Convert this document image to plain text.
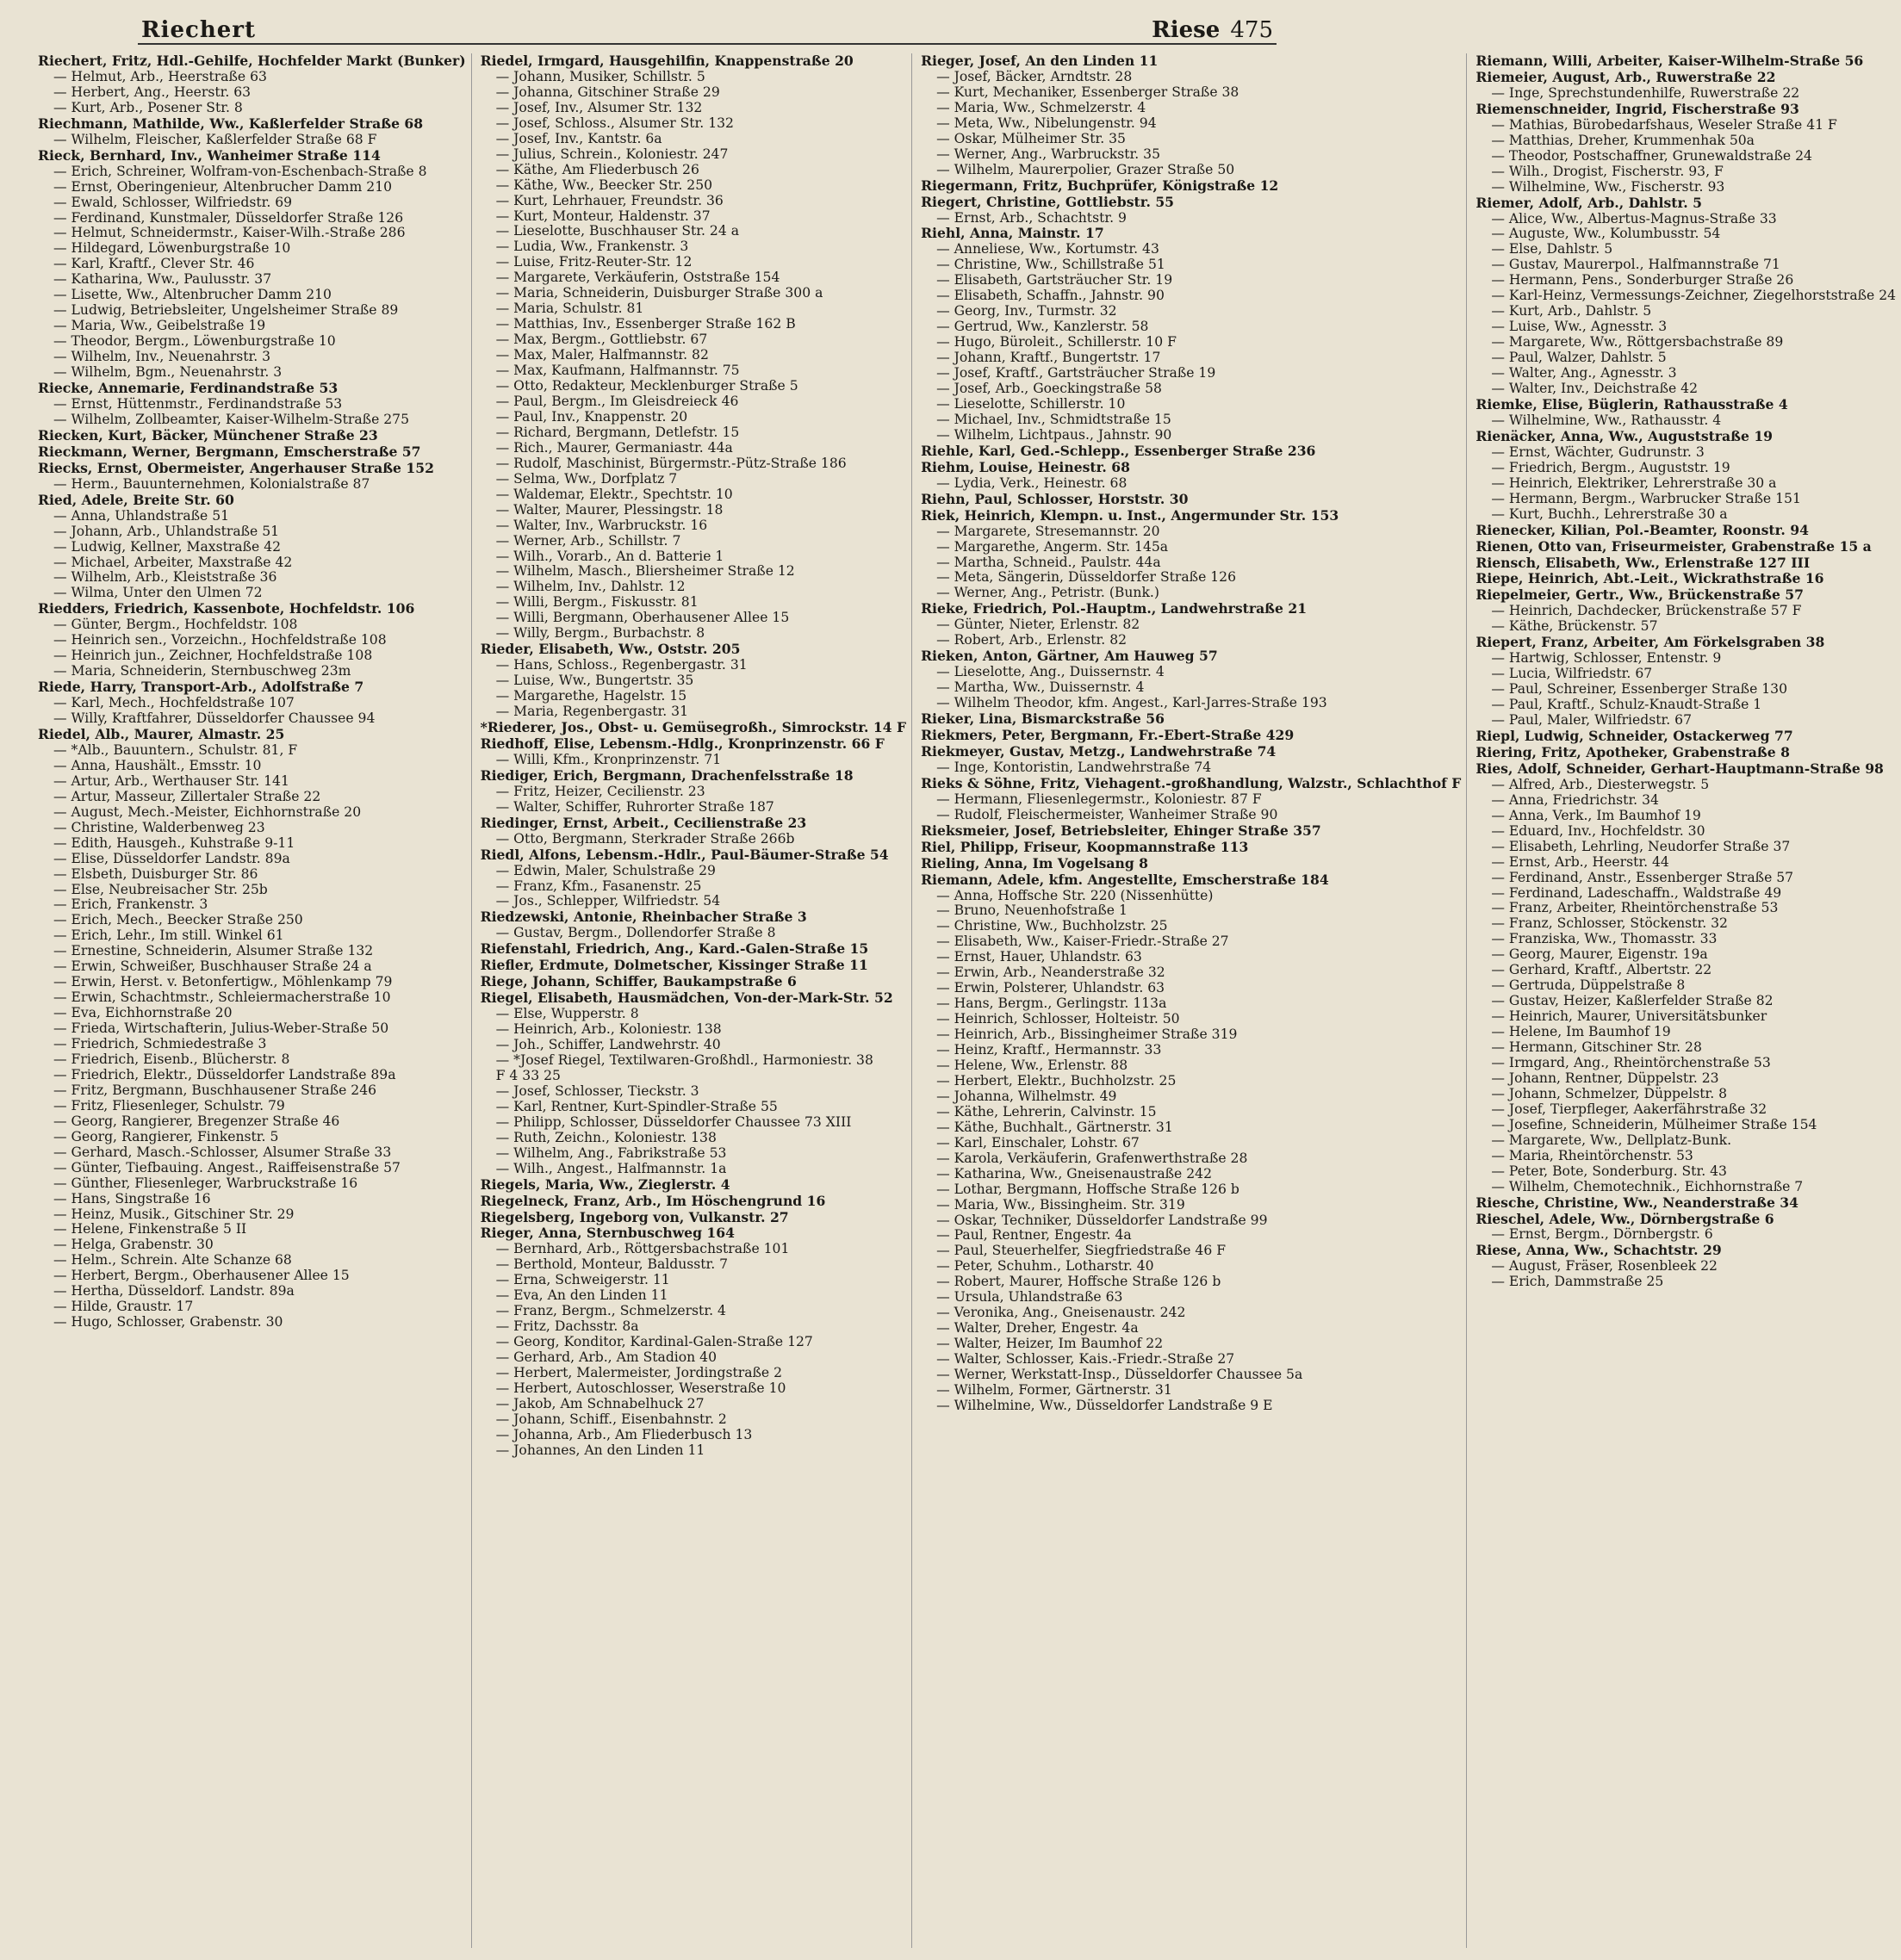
Riechert	Riese 475
Riechert, Fritz, Hdl.-Gehilfe, Hochfelder Markt (Bunker)
— Helmut, Arb., Heerstraße 63
— Herbert, Ang., Heerstr. 63
— Kurt, Arb., Posener Str. 8
Riechmann, Mathilde, Ww., Kaßlerfelder Straße 68
— Wilhelm, Fleischer, Kaßlerfelder Straße 68 F
Rieck, Bernhard, Inv., Wanheimer Straße 114
— Erich, Schreiner, Wolfram-von-Eschenbach-Straße 8
— Ernst, Oberingenieur, Altenbrucher Damm 210
— Ewald, Schlosser, Wilfriedstr. 69
— Ferdinand, Kunstmaler, Düsseldorfer Straße 126
— Helmut, Schneidermstr., Kaiser-Wilh.-Straße 286
— Hildegard, Löwenburgstraße 10
— Karl, Kraftf., Clever Str. 46
— Katharina, Ww., Paulusstr. 37
— Lisette, Ww., Altenbrucher Damm 210
— Ludwig, Betriebsleiter, Ungelsheimer Straße 89
— Maria, Ww., Geibelstraße 19
— Theodor, Bergm., Löwenburgstraße 10
— Wilhelm, Inv., Neuenahrstr. 3
— Wilhelm, Bgm., Neuenahrstr. 3
Riecke, Annemarie, Ferdinandstraße 53
— Ernst, Hüttenmstr., Ferdinandstraße 53
— Wilhelm, Zollbeamter, Kaiser-Wilhelm-Straße 275
Riecken, Kurt, Bäcker, Münchener Straße 23
Rieckmann, Werner, Bergmann, Emscherstraße 57
Riecks, Ernst, Obermeister, Angerhauser Straße 152
— Herm., Bauunternehmen, Kolonialstraße 87
Ried, Adele, Breite Str. 60
— Anna, Uhlandstraße 51
— Johann, Arb., Uhlandstraße 51
— Ludwig, Kellner, Maxstraße 42
— Michael, Arbeiter, Maxstraße 42
— Wilhelm, Arb., Kleiststraße 36
— Wilma, Unter den Ulmen 72
Riedders, Friedrich, Kassenbote, Hochfeldstr. 106
— Günter, Bergm., Hochfeldstr. 108
— Heinrich sen., Vorzeichn., Hochfeldstraße 108
— Heinrich jun., Zeichner, Hochfeldstraße 108
— Maria, Schneiderin, Sternbuschweg 23m
Riede, Harry, Transport-Arb., Adolfstraße 7
— Karl, Mech., Hochfeldstraße 107
— Willy, Kraftfahrer, Düsseldorfer Chaussee 94
Riedel, Alb., Maurer, Almastr. 25
— *Alb., Bauuntern., Schulstr. 81, F
— Anna, Haushält., Emsstr. 10
— Artur, Arb., Werthauser Str. 141
— Artur, Masseur, Zillertaler Straße 22
— August, Mech.-Meister, Eichhornstraße 20
— Christine, Walderbenweg 23
— Edith, Hausgeh., Kuhstraße 9-11
— Elise, Düsseldorfer Landstr. 89a
— Elsbeth, Duisburger Str. 86
— Else, Neubreisacher Str. 25b
— Erich, Frankenstr. 3
— Erich, Mech., Beecker Straße 250
— Erich, Lehr., Im still. Winkel 61
— Ernestine, Schneiderin, Alsumer Straße 132
— Erwin, Schweißer, Buschhauser Straße 24 a
— Erwin, Herst. v. Betonfertigw., Möhlenkamp 79
— Erwin, Schachtmstr., Schleiermacherstraße 10
— Eva, Eichhornstraße 20
— Frieda, Wirtschafterin, Julius-Weber-Straße 50
— Friedrich, Schmiedestraße 3
— Friedrich, Eisenb., Blücherstr. 8
— Friedrich, Elektr., Düsseldorfer Landstraße 89a
— Fritz, Bergmann, Buschhausener Straße 246
— Fritz, Fliesenleger, Schulstr. 79
— Georg, Rangierer, Bregenzer Straße 46
— Georg, Rangierer, Finkenstr. 5
— Gerhard, Masch.-Schlosser, Alsumer Straße 33
— Günter, Tiefbauing. Angest., Raiffeisenstraße 57
— Günther, Fliesenleger, Warbruckstraße 16
— Hans, Singstraße 16
— Heinz, Musik., Gitschiner Str. 29
— Helene, Finkenstraße 5 II
— Helga, Grabenstr. 30
— Helm., Schrein. Alte Schanze 68
— Herbert, Bergm., Oberhausener Allee 15
— Hertha, Düsseldorf. Landstr. 89a
— Hilde, Graustr. 17
— Hugo, Schlosser, Grabenstr. 30
Riedel, Irmgard, Hausgehilfin, Knappenstraße 20
— Johann, Musiker, Schillstr. 5
— Johanna, Gitschiner Straße 29
— Josef, Inv., Alsumer Str. 132
— Josef, Schloss., Alsumer Str. 132
— Josef, Inv., Kantstr. 6a
— Julius, Schrein., Koloniestr. 247
— Käthe, Am Fliederbusch 26
— Käthe, Ww., Beecker Str. 250
— Kurt, Lehrhauer, Freundstr. 36
— Kurt, Monteur, Haldenstr. 37
— Lieselotte, Buschhauser Str. 24 a
— Ludia, Ww., Frankenstr. 3
— Luise, Fritz-Reuter-Str. 12
— Margarete, Verkäuferin, Oststraße 154
— Maria, Schneiderin, Duisburger Straße 300 a
— Maria, Schulstr. 81
— Matthias, Inv., Essenberger Straße 162 B
— Max, Bergm., Gottliebstr. 67
— Max, Maler, Halfmannstr. 82
— Max, Kaufmann, Halfmannstr. 75
— Otto, Redakteur, Mecklenburger Straße 5
— Paul, Bergm., Im Gleisdreieck 46
— Paul, Inv., Knappenstr. 20
— Richard, Bergmann, Detlefstr. 15
— Rich., Maurer, Germaniastr. 44a
— Rudolf, Maschinist, Bürgermstr.-Pütz-Straße 186
— Selma, Ww., Dorfplatz 7
— Waldemar, Elektr., Spechtstr. 10
— Walter, Maurer, Plessingstr. 18
— Walter, Inv., Warbruckstr. 16
— Werner, Arb., Schillstr. 7
— Wilh., Vorarb., An d. Batterie 1
— Wilhelm, Masch., Bliersheimer Straße 12
— Wilhelm, Inv., Dahlstr. 12
— Willi, Bergm., Fiskusstr. 81
— Willi, Bergmann, Oberhausener Allee 15
— Willy, Bergm., Burbachstr. 8
Rieder, Elisabeth, Ww., Oststr. 205
— Hans, Schloss., Regenbergastr. 31
— Luise, Ww., Bungertstr. 35
— Margarethe, Hagelstr. 15
— Maria, Regenbergastr. 31
*Riederer, Jos., Obst- u. Gemüsegroßh., Simrockstr. 14 F
Riedhoff, Elise, Lebensm.-Hdlg., Kronprinzenstr. 66 F
— Willi, Kfm., Kronprinzenstr. 71
Riediger, Erich, Bergmann, Drachenfelsstraße 18
— Fritz, Heizer, Cecilienstr. 23
— Walter, Schiffer, Ruhrorter Straße 187
Riedinger, Ernst, Arbeit., Cecilienstraße 23
— Otto, Bergmann, Sterkrader Straße 266b
Riedl, Alfons, Lebensm.-Hdlr., Paul-Bäumer-Straße 54
— Edwin, Maler, Schulstraße 29
— Franz, Kfm., Fasanenstr. 25
— Jos., Schlepper, Wilfriedstr. 54
Riedzewski, Antonie, Rheinbacher Straße 3
— Gustav, Bergm., Dollendorfer Straße 8
Riefenstahl, Friedrich, Ang., Kard.-Galen-Straße 15
Riefler, Erdmute, Dolmetscher, Kissinger Straße 11
Riege, Johann, Schiffer, Baukampstraße 6
Riegel, Elisabeth, Hausmädchen, Von-der-Mark-Str. 52
— Else, Wupperstr. 8
— Heinrich, Arb., Koloniestr. 138
— Joh., Schiffer, Landwehrstr. 40
— *Josef Riegel, Textilwaren-Großhdl., Harmoniestr. 38
F 4 33 25
— Josef, Schlosser, Tieckstr. 3
— Karl, Rentner, Kurt-Spindler-Straße 55
— Philipp, Schlosser, Düsseldorfer Chaussee 73 XIII
— Ruth, Zeichn., Koloniestr. 138
— Wilhelm, Ang., Fabrikstraße 53
— Wilh., Angest., Halfmannstr. 1a
Riegels, Maria, Ww., Zieglerstr. 4
Riegelneck, Franz, Arb., Im Höschengrund 16
Riegelsberg, Ingeborg von, Vulkanstr. 27
Rieger, Anna, Sternbuschweg 164
— Bernhard, Arb., Röttgersbachstraße 101
— Berthold, Monteur, Baldusstr. 7
— Erna, Schweigerstr. 11
— Eva, An den Linden 11
— Franz, Bergm., Schmelzerstr. 4
— Fritz, Dachsstr. 8a
— Georg, Konditor, Kardinal-Galen-Straße 127
— Gerhard, Arb., Am Stadion 40
— Herbert, Malermeister, Jordingstraße 2
— Herbert, Autoschlosser, Weserstraße 10
— Jakob, Am Schnabelhuck 27
— Johann, Schiff., Eisenbahnstr. 2
— Johanna, Arb., Am Fliederbusch 13
— Johannes, An den Linden 11
Rieger, Josef, An den Linden 11
— Josef, Bäcker, Arndtstr. 28
— Kurt, Mechaniker, Essenberger Straße 38
— Maria, Ww., Schmelzerstr. 4
— Meta, Ww., Nibelungenstr. 94
— Oskar, Mülheimer Str. 35
— Werner, Ang., Warbruckstr. 35
— Wilhelm, Maurerpolier, Grazer Straße 50
Riegermann, Fritz, Buchprüfer, Königstraße 12
Riegert, Christine, Gottliebstr. 55
— Ernst, Arb., Schachtstr. 9
Riehl, Anna, Mainstr. 17
— Anneliese, Ww., Kortumstr. 43
— Christine, Ww., Schillstraße 51
— Elisabeth, Gartsträucher Str. 19
— Elisabeth, Schaffn., Jahnstr. 90
— Georg, Inv., Turmstr. 32
— Gertrud, Ww., Kanzlerstr. 58
— Hugo, Büroleit., Schillerstr. 10 F
— Johann, Kraftf., Bungertstr. 17
— Josef, Kraftf., Gartsträucher Straße 19
— Josef, Arb., Goeckingstraße 58
— Lieselotte, Schillerstr. 10
— Michael, Inv., Schmidtstraße 15
— Wilhelm, Lichtpaus., Jahnstr. 90
Riehle, Karl, Ged.-Schlepp., Essenberger Straße 236
Riehm, Louise, Heinestr. 68
— Lydia, Verk., Heinestr. 68
Riehn, Paul, Schlosser, Horststr. 30
Riek, Heinrich, Klempn. u. Inst., Angermunder Str. 153
— Margarete, Stresemannstr. 20
— Margarethe, Angerm. Str. 145a
— Martha, Schneid., Paulstr. 44a
— Meta, Sängerin, Düsseldorfer Straße 126
— Werner, Ang., Petristr. (Bunk.)
Rieke, Friedrich, Pol.-Hauptm., Landwehrstraße 21
— Günter, Nieter, Erlenstr. 82
— Robert, Arb., Erlenstr. 82
Rieken, Anton, Gärtner, Am Hauweg 57
— Lieselotte, Ang., Duissernstr. 4
— Martha, Ww., Duissernstr. 4
— Wilhelm Theodor, kfm. Angest., Karl-Jarres-Straße 193
Rieker, Lina, Bismarckstraße 56
Riekmers, Peter, Bergmann, Fr.-Ebert-Straße 429
Riekmeyer, Gustav, Metzg., Landwehrstraße 74
— Inge, Kontoristin, Landwehrstraße 74
Rieks & Söhne, Fritz, Viehagent.-großhandlung, Walzstr., Schlachthof F
— Hermann, Fliesenlegermstr., Koloniestr. 87 F
— Rudolf, Fleischermeister, Wanheimer Straße 90
Rieksmeier, Josef, Betriebsleiter, Ehinger Straße 357
Riel, Philipp, Friseur, Koopmannstraße 113
Rieling, Anna, Im Vogelsang 8
Riemann, Adele, kfm. Angestellte, Emscherstraße 184
— Anna, Hoffsche Str. 220 (Nissenhütte)
— Bruno, Neuenhofstraße 1
— Christine, Ww., Buchholzstr. 25
— Elisabeth, Ww., Kaiser-Friedr.-Straße 27
— Ernst, Hauer, Uhlandstr. 63
— Erwin, Arb., Neanderstraße 32
— Erwin, Polsterer, Uhlandstr. 63
— Hans, Bergm., Gerlingstr. 113a
— Heinrich, Schlosser, Holteistr. 50
— Heinrich, Arb., Bissingheimer Straße 319
— Heinz, Kraftf., Hermannstr. 33
— Helene, Ww., Erlenstr. 88
— Herbert, Elektr., Buchholzstr. 25
— Johanna, Wilhelmstr. 49
— Käthe, Lehrerin, Calvinstr. 15
— Käthe, Buchhalt., Gärtnerstr. 31
— Karl, Einschaler, Lohstr. 67
— Karola, Verkäuferin, Grafenwerthstraße 28
— Katharina, Ww., Gneisenaustraße 242
— Lothar, Bergmann, Hoffsche Straße 126 b
— Maria, Ww., Bissingheim. Str. 319
— Oskar, Techniker, Düsseldorfer Landstraße 99
— Paul, Rentner, Engestr. 4a
— Paul, Steuerhelfer, Siegfriedstraße 46 F
— Peter, Schuhm., Lotharstr. 40
— Robert, Maurer, Hoffsche Straße 126 b
— Ursula, Uhlandstraße 63
— Veronika, Ang., Gneisenaustr. 242
— Walter, Dreher, Engestr. 4a
— Walter, Heizer, Im Baumhof 22
— Walter, Schlosser, Kais.-Friedr.-Straße 27
— Werner, Werkstatt-Insp., Düsseldorfer Chaussee 5a
— Wilhelm, Former, Gärtnerstr. 31
— Wilhelmine, Ww., Düsseldorfer Landstraße 9 E
Riemann, Willi, Arbeiter, Kaiser-Wilhelm-Straße 56
Riemeier, August, Arb., Ruwerstraße 22
— Inge, Sprechstundenhilfe, Ruwerstraße 22
Riemenschneider, Ingrid, Fischerstraße 93
— Mathias, Bürobedarfshaus, Weseler Straße 41 F
— Matthias, Dreher, Krummenhak 50a
— Theodor, Postschaffner, Grunewaldstraße 24
— Wilh., Drogist, Fischerstr. 93, F
— Wilhelmine, Ww., Fischerstr. 93
Riemer, Adolf, Arb., Dahlstr. 5
— Alice, Ww., Albertus-Magnus-Straße 33
— Auguste, Ww., Kolumbusstr. 54
— Else, Dahlstr. 5
— Gustav, Maurerpol., Halfmannstraße 71
— Hermann, Pens., Sonderburger Straße 26
— Karl-Heinz, Vermessungs-Zeichner, Ziegelhorststraße 24
— Kurt, Arb., Dahlstr. 5
— Luise, Ww., Agnesstr. 3
— Margarete, Ww., Röttgersbachstraße 89
— Paul, Walzer, Dahlstr. 5
— Walter, Ang., Agnesstr. 3
— Walter, Inv., Deichstraße 42
Riemke, Elise, Büglerin, Rathausstraße 4
— Wilhelmine, Ww., Rathausstr. 4
Rienäcker, Anna, Ww., Auguststraße 19
— Ernst, Wächter, Gudrunstr. 3
— Friedrich, Bergm., Auguststr. 19
— Heinrich, Elektriker, Lehrerstraße 30 a
— Hermann, Bergm., Warbrucker Straße 151
— Kurt, Buchh., Lehrerstraße 30 a
Rienecker, Kilian, Pol.-Beamter, Roonstr. 94
Rienen, Otto van, Friseurmeister, Grabenstraße 15 a
Riensch, Elisabeth, Ww., Erlenstraße 127 III
Riepe, Heinrich, Abt.-Leit., Wickrathstraße 16
Riepelmeier, Gertr., Ww., Brückenstraße 57
— Heinrich, Dachdecker, Brückenstraße 57 F
— Käthe, Brückenstr. 57
Riepert, Franz, Arbeiter, Am Förkelsgraben 38
— Hartwig, Schlosser, Entenstr. 9
— Lucia, Wilfriedstr. 67
— Paul, Schreiner, Essenberger Straße 130
— Paul, Kraftf., Schulz-Knaudt-Straße 1
— Paul, Maler, Wilfriedstr. 67
Riepl, Ludwig, Schneider, Ostackerweg 77
Riering, Fritz, Apotheker, Grabenstraße 8
Ries, Adolf, Schneider, Gerhart-Hauptmann-Straße 98
— Alfred, Arb., Diesterwegstr. 5
— Anna, Friedrichstr. 34
— Anna, Verk., Im Baumhof 19
— Eduard, Inv., Hochfeldstr. 30
— Elisabeth, Lehrling, Neudorfer Straße 37
— Ernst, Arb., Heerstr. 44
— Ferdinand, Anstr., Essenberger Straße 57
— Ferdinand, Ladeschaffn., Waldstraße 49
— Franz, Arbeiter, Rheintörchenstraße 53
— Franz, Schlosser, Stöckenstr. 32
— Franziska, Ww., Thomasstr. 33
— Georg, Maurer, Eigenstr. 19a
— Gerhard, Kraftf., Albertstr. 22
— Gertruda, Düppelstraße 8
— Gustav, Heizer, Kaßlerfelder Straße 82
— Heinrich, Maurer, Universitätsbunker
— Helene, Im Baumhof 19
— Hermann, Gitschiner Str. 28
— Irmgard, Ang., Rheintörchenstraße 53
— Johann, Rentner, Düppelstr. 23
— Johann, Schmelzer, Düppelstr. 8
— Josef, Tierpfleger, Aakerfährstraße 32
— Josefine, Schneiderin, Mülheimer Straße 154
— Margarete, Ww., Dellplatz-Bunk.
— Maria, Rheintörchenstr. 53
— Peter, Bote, Sonderburg. Str. 43
— Wilhelm, Chemotechnik., Eichhornstraße 7
Riesche, Christine, Ww., Neanderstraße 34
Rieschel, Adele, Ww., Dörnbergstraße 6
— Ernst, Bergm., Dörnbergstr. 6
Riese, Anna, Ww., Schachtstr. 29
— August, Fräser, Rosenbleek 22
— Erich, Dammstraße 25
